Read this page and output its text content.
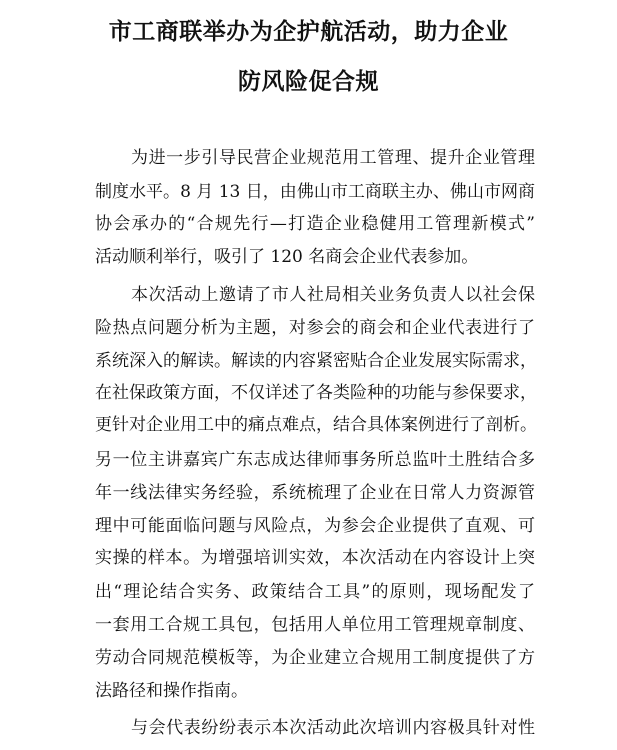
市工商联举办为企护航活动，助力企业
防风险促合规
为进一步引导民营企业规范用工管理、提升企业管理
制度水平。8 月 13 日，由佛山市工商联主办、佛山市网商
协会承办的“合规先行—打造企业稳健用工管理新模式”
活动顺利举行，吸引了 120 名商会企业代表参加。
本次活动上邀请了市人社局相关业务负责人以社会保
险热点问题分析为主题，对参会的商会和企业代表进行了
系统深入的解读。解读的内容紧密贴合企业发展实际需求，
在社保政策方面，不仅详述了各类险种的功能与参保要求，
更针对企业用工中的痛点难点，结合具体案例进行了剖析。
另一位主讲嘉宾广东志成达律师事务所总监叶土胜结合多
年一线法律实务经验，系统梳理了企业在日常人力资源管
理中可能面临问题与风险点，为参会企业提供了直观、可
实操的样本。为增强培训实效，本次活动在内容设计上突
出“理论结合实务、政策结合工具”的原则，现场配发了
一套用工合规工具包，包括用人单位用工管理规章制度、
劳动合同规范模板等，为企业建立合规用工制度提供了方
法路径和操作指南。
与会代表纷纷表示本次活动此次培训内容极具针对性
